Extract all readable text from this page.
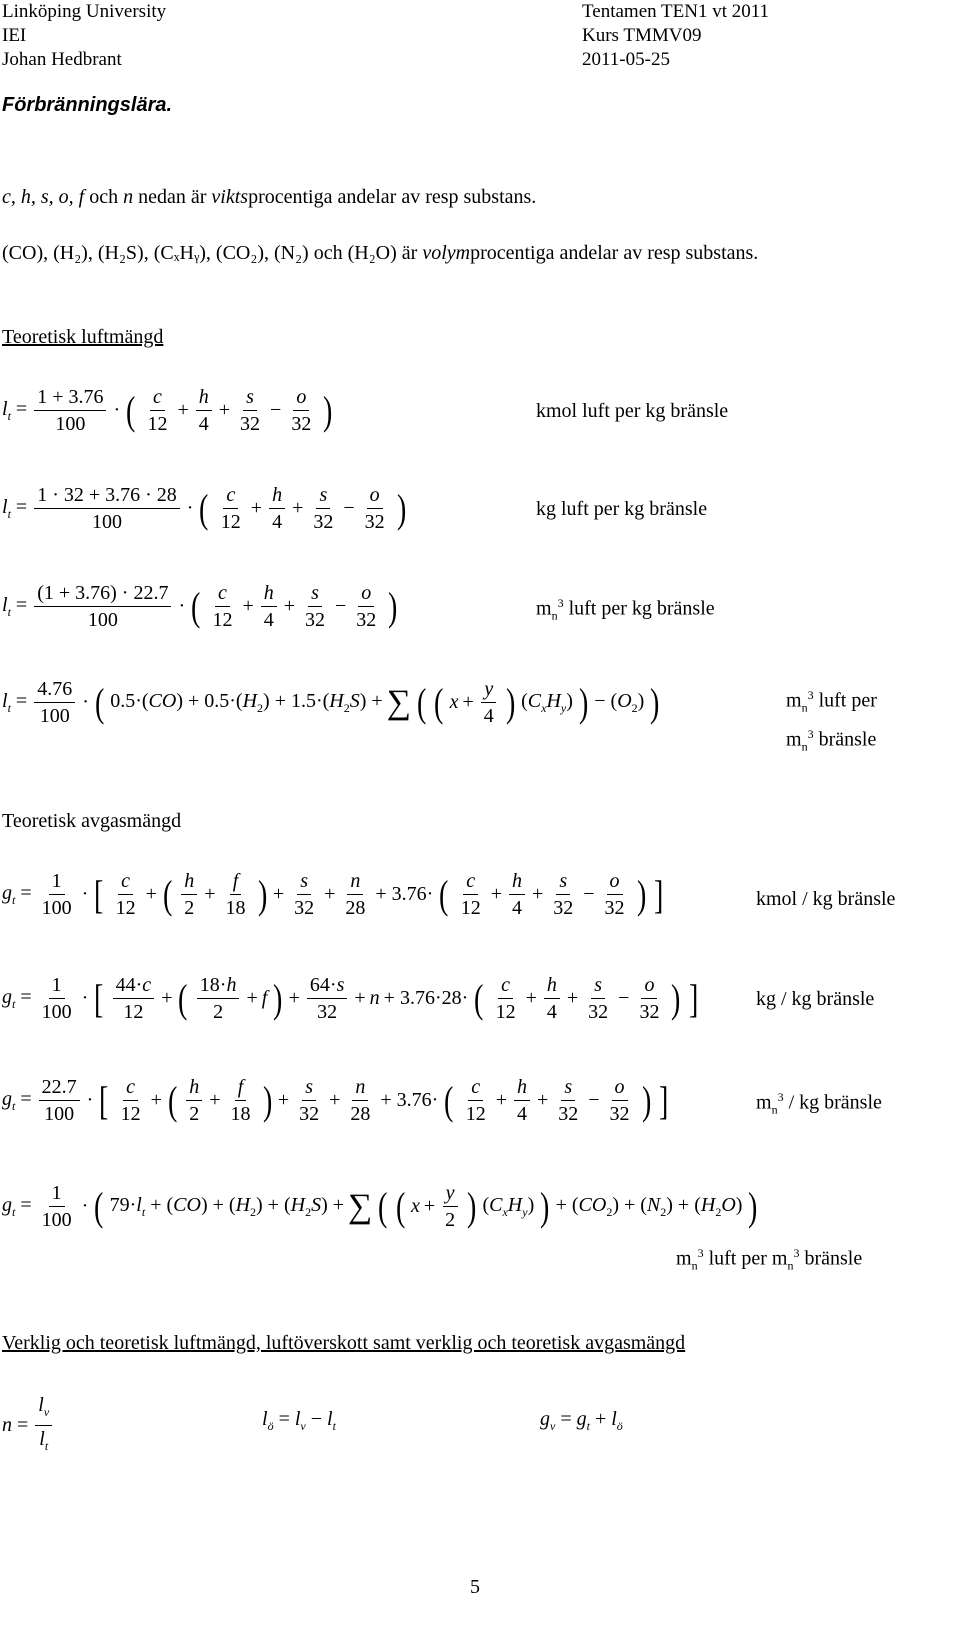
Linköping University
IEI
Johan Hedbrant
Tentamen TEN1 vt 2011
Kurs TMMV09
2011-05-25
Förbränningslära.
c, h, s, o, f och n nedan är viktsprocentiga andelar av resp substans.
(CO), (H₂), (H₂S), (CₓHᵧ), (CO₂), (N₂) och (H₂O) är volymprocentiga andelar av resp substans.
Teoretisk luftmängd
$l_t = \frac{1 + 3.76}{100}$ · ( $\frac{c}{12} + \frac{h}{4} + \frac{s}{32} - \frac{o}{32}$ )	kmol luft per kg bränsle
$l_t = \frac{1 \cdot 32 + 3.76 \cdot 28}{100}$ · ( $\frac{c}{12} + \frac{h}{4} + \frac{s}{32} - \frac{o}{32}$ )	kg luft per kg bränsle
$l_t = \frac{(1 + 3.76) \cdot 22.7}{100}$ · ( $\frac{c}{12} + \frac{h}{4} + \frac{s}{32} - \frac{o}{32}$ )	$m_n^3$ luft per kg bränsle
$l_t = \frac{4.76}{100}$ · ( $0.5\cdot(CO) + 0.5\cdot(H_2) + 1.5\cdot(H_2S)$ + ∑ ( ( $x + \frac{y}{4}$ ) $(C_xH_y)$ ) − $(O_2)$ )	$m_n^3$ luft per
$m_n^3$ bränsle
Teoretisk avgasmängd
$g_t = \frac{1}{100}$ · [ $\frac{c}{12}$ + ( $\frac{h}{2} + \frac{f}{18}$ ) + $\frac{s}{32} + \frac{n}{28} + 3.76\cdot$ ( $\frac{c}{12} + \frac{h}{4} + \frac{s}{32} - \frac{o}{32}$ ) ]	kmol / kg bränsle
$g_t = \frac{1}{100}$ · [ $\frac{44\cdot c}{12}$ + ( $\frac{18\cdot h}{2} + f$ ) + $\frac{64\cdot s}{32} + n + 3.76\cdot 28\cdot$ ( $\frac{c}{12} + \frac{h}{4} + \frac{s}{32} - \frac{o}{32}$ ) ]	kg / kg bränsle
$g_t = \frac{22.7}{100}$ · [ $\frac{c}{12}$ + ( $\frac{h}{2} + \frac{f}{18}$ ) + $\frac{s}{32} + \frac{n}{28} + 3.76\cdot$ ( $\frac{c}{12} + \frac{h}{4} + \frac{s}{32} - \frac{o}{32}$ ) ]	$m_n^3$ / kg bränsle
$g_t = \frac{1}{100}$ · ( $79\cdot l_t + (CO) + (H_2) + (H_2S)$ + ∑ ( ( $x + \frac{y}{2}$ ) $(C_xH_y)$ ) + $(CO_2) + (N_2) + (H_2O)$ )
$m_n^3$ luft per $m_n^3$ bränsle
Verklig och teoretisk luftmängd, luftöverskott samt verklig och teoretisk avgasmängd
$n = \frac{l_v}{l_t}$	$l_ö = l_v - l_t$	$g_v = g_t + l_ö$
5
